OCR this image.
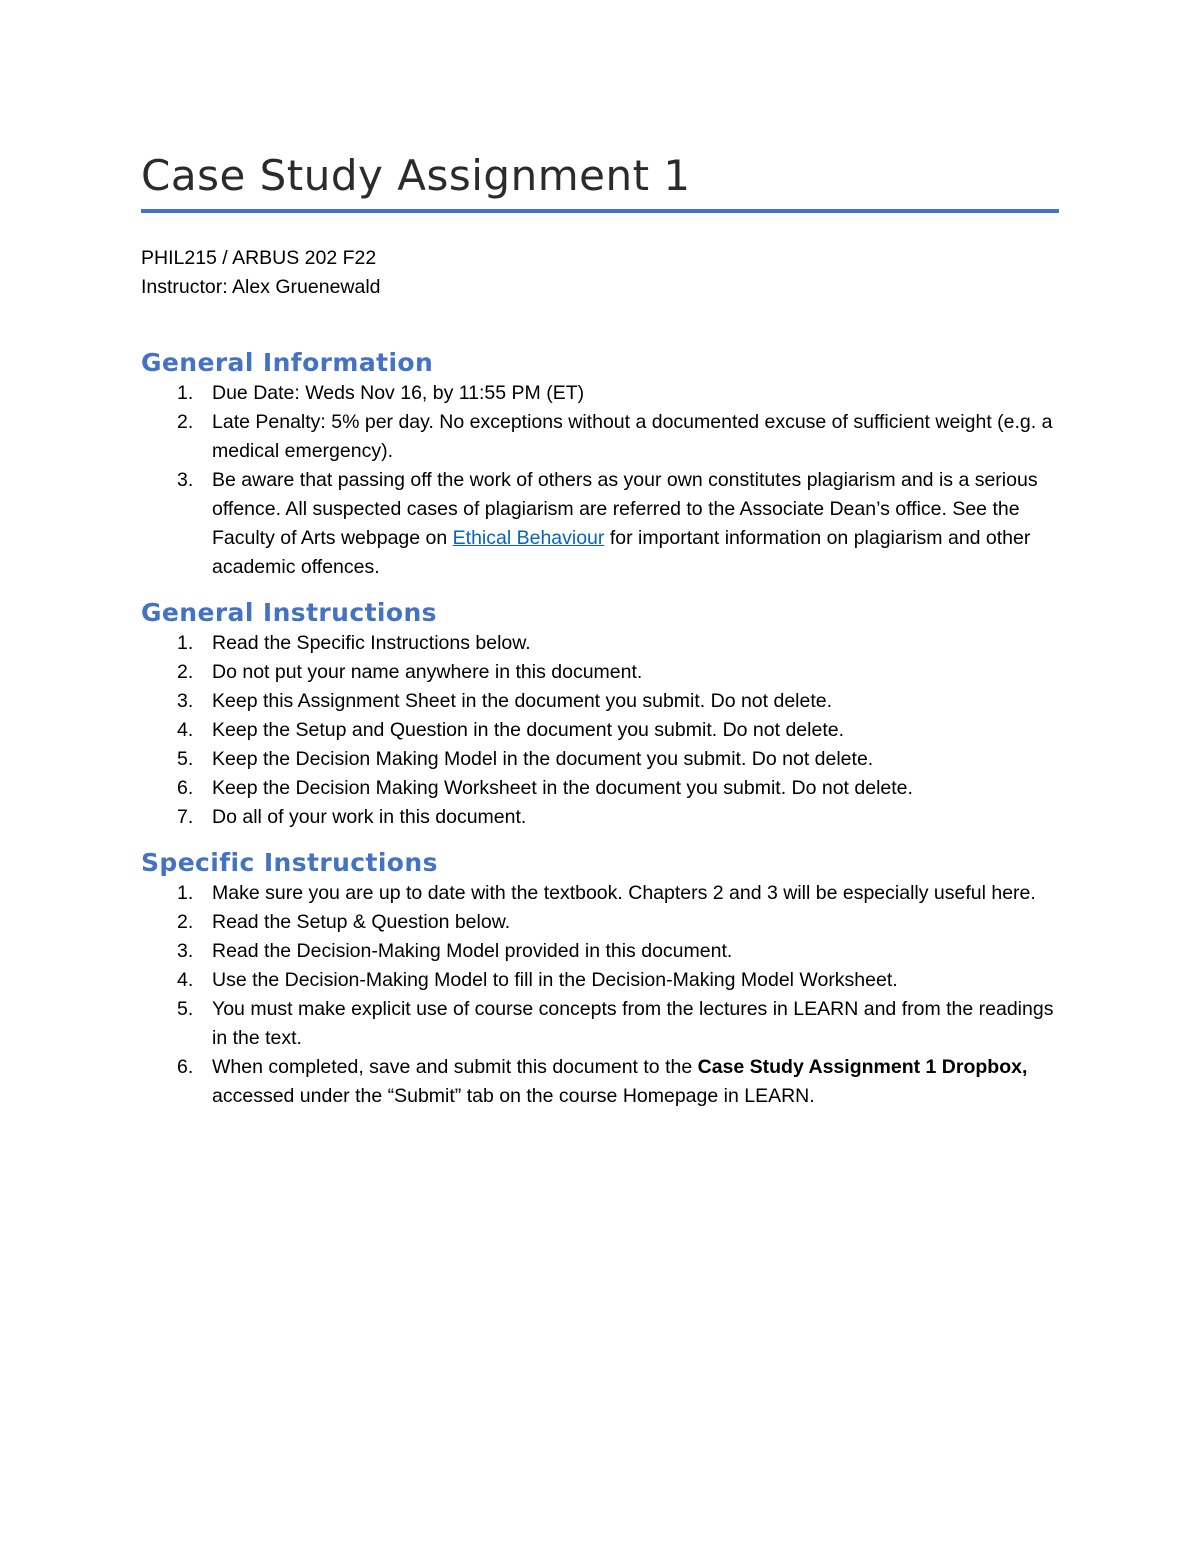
Case Study Assignment 1
PHIL215 / ARBUS 202 F22
Instructor: Alex Gruenewald
General Information
1. Due Date: Weds Nov 16, by 11:55 PM (ET)
2. Late Penalty: 5% per day. No exceptions without a documented excuse of sufficient weight (e.g. a medical emergency).
3. Be aware that passing off the work of others as your own constitutes plagiarism and is a serious offence. All suspected cases of plagiarism are referred to the Associate Dean’s office. See the Faculty of Arts webpage on Ethical Behaviour for important information on plagiarism and other academic offences.
General Instructions
1. Read the Specific Instructions below.
2. Do not put your name anywhere in this document.
3. Keep this Assignment Sheet in the document you submit. Do not delete.
4. Keep the Setup and Question in the document you submit. Do not delete.
5. Keep the Decision Making Model in the document you submit. Do not delete.
6. Keep the Decision Making Worksheet in the document you submit. Do not delete.
7. Do all of your work in this document.
Specific Instructions
1. Make sure you are up to date with the textbook. Chapters 2 and 3 will be especially useful here.
2. Read the Setup & Question below.
3. Read the Decision-Making Model provided in this document.
4. Use the Decision-Making Model to fill in the Decision-Making Model Worksheet.
5. You must make explicit use of course concepts from the lectures in LEARN and from the readings in the text.
6. When completed, save and submit this document to the Case Study Assignment 1 Dropbox, accessed under the “Submit” tab on the course Homepage in LEARN.
